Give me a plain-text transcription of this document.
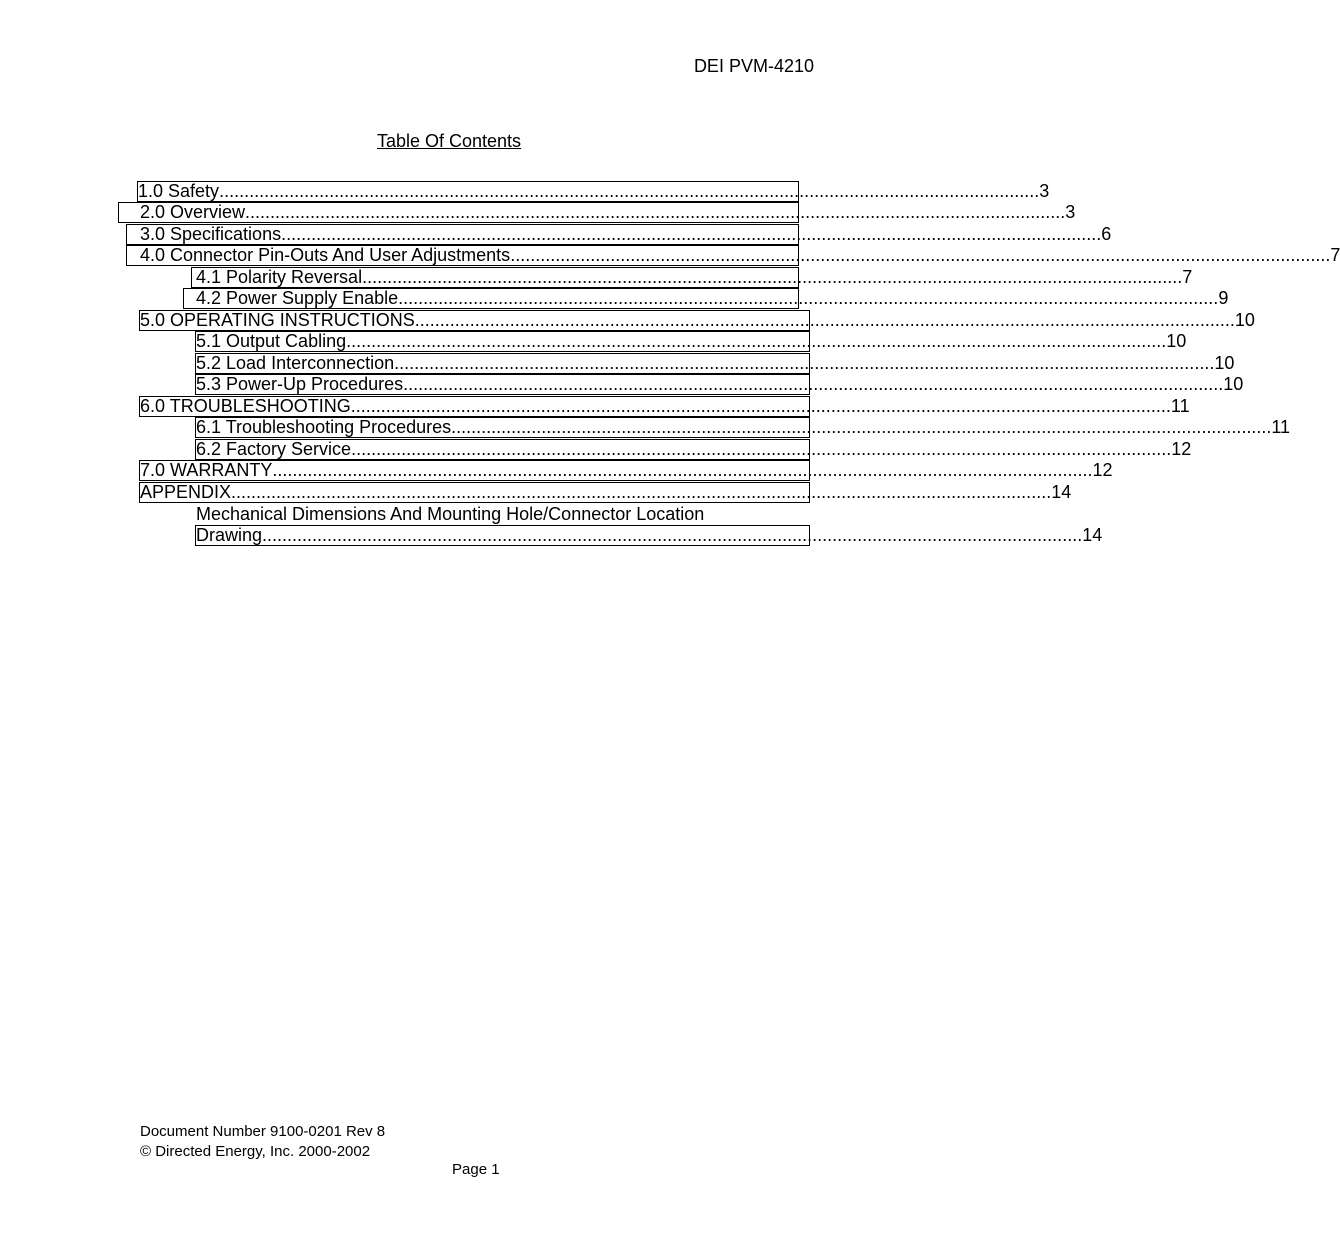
DEI PVM-4210
Table Of Contents
1.0 Safety .................................................................................................................................................................... 3
2.0 Overview .................................................................................................................................................................... 3
3.0 Specifications .................................................................................................................................................................... 6
4.0 Connector Pin-Outs And User Adjustments .................................................................................................................................................................... 7
4.1 Polarity Reversal .................................................................................................................................................................... 7
4.2 Power Supply Enable .................................................................................................................................................................... 9
5.0 OPERATING INSTRUCTIONS .................................................................................................................................................................... 10
5.1 Output Cabling .................................................................................................................................................................... 10
5.2 Load Interconnection .................................................................................................................................................................... 10
5.3 Power-Up Procedures .................................................................................................................................................................... 10
6.0 TROUBLESHOOTING .................................................................................................................................................................... 11
6.1 Troubleshooting Procedures .................................................................................................................................................................... 11
6.2 Factory Service .................................................................................................................................................................... 12
7.0 WARRANTY .................................................................................................................................................................... 12
APPENDIX .................................................................................................................................................................... 14
Mechanical Dimensions And Mounting Hole/Connector Location
Drawing .................................................................................................................................................................... 14
Document Number 9100-0201 Rev 8
© Directed Energy, Inc. 2000-2002
Page 1
